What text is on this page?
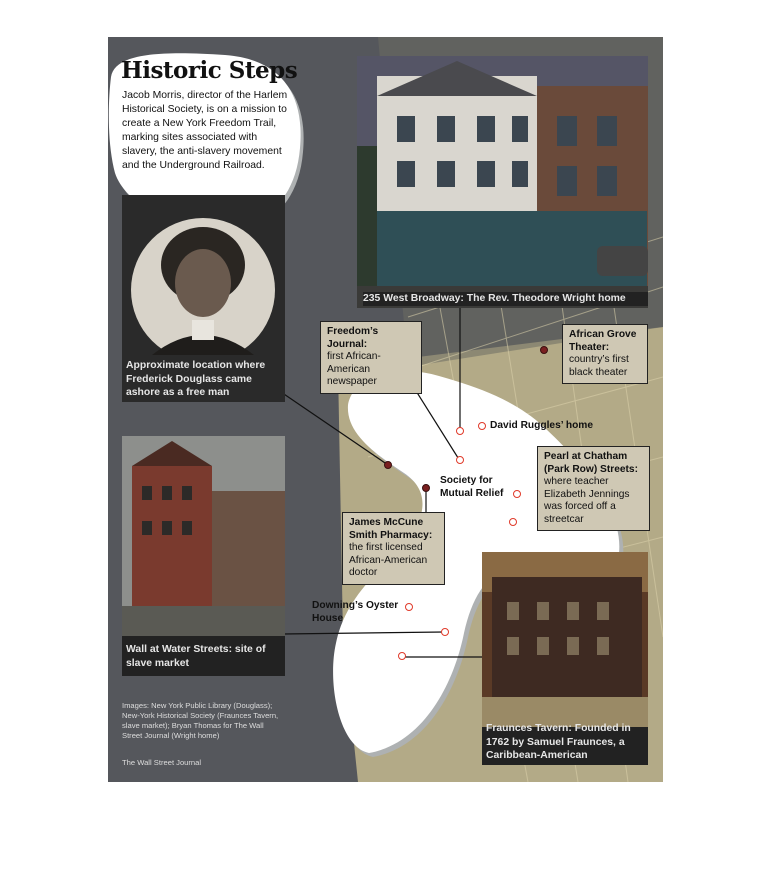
Historic Steps
Jacob Morris, director of the Harlem Historical Society, is on a mission to create a New York Freedom Trail, marking sites associated with slavery, the anti-slavery movement and the Underground Railroad.
235 West Broadway: The Rev. Theodore Wright home
Approximate location where Frederick Douglass came ashore as a free man
Wall at Water Streets: site of slave market
Fraunces Tavern: Founded in 1762 by Samuel Fraunces, a Caribbean-American
Freedom’s Journal:
first African-American newspaper
African Grove Theater:
country’s first black theater
Pearl at Chatham (Park Row) Streets:
where teacher Elizabeth Jennings was forced off a streetcar
James McCune Smith Pharmacy:
the first licensed African-American doctor
David Ruggles’ home
Society for Mutual Relief
Downing’s Oyster House
Images: New York Public Library (Douglass); New-York Historical Society (Fraunces Tavern, slave market); Bryan Thomas for The Wall Street Journal (Wright home)
The Wall Street Journal
